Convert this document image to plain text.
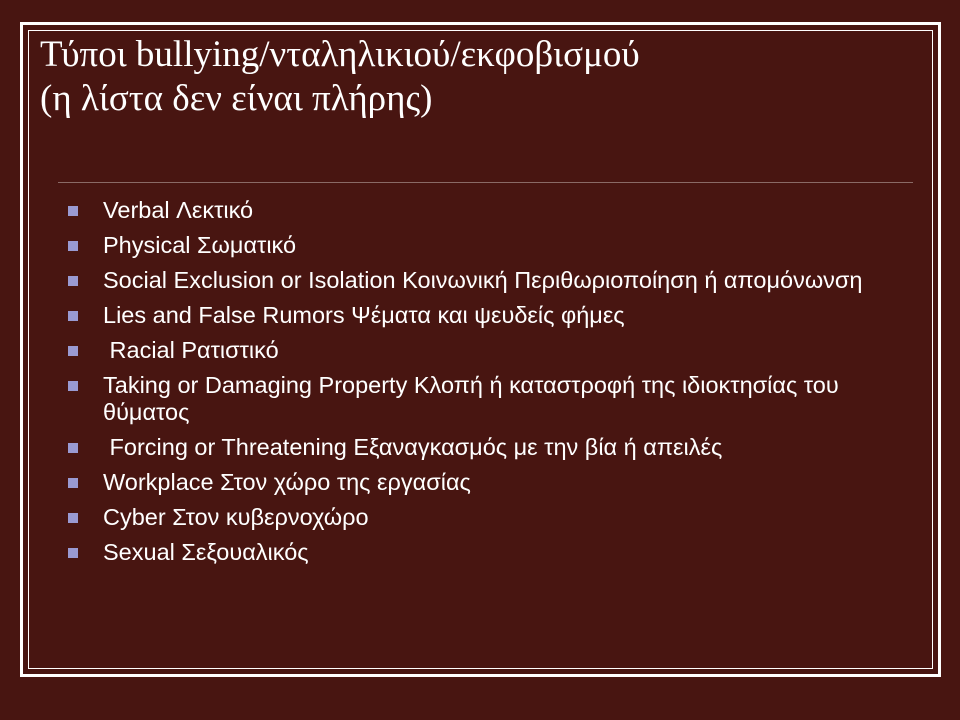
Τύποι bullying/νταληλικιού/εκφοβισμού
(η λίστα δεν είναι πλήρης)
Verbal Λεκτικό
Physical Σωματικό
Social Exclusion or Isolation Κοινωνική Περιθωριοποίηση ή απομόνωνση
Lies and False Rumors Ψέματα και ψευδείς φήμες
Racial Ρατιστικό
Taking or Damaging Property Κλοπή ή καταστροφή της ιδιοκτησίας του θύματος
Forcing or Threatening Εξαναγκασμός με την βία ή απειλές
Workplace Στον χώρο της εργασίας
Cyber Στον κυβερνοχώρο
Sexual Σεξουαλικός
